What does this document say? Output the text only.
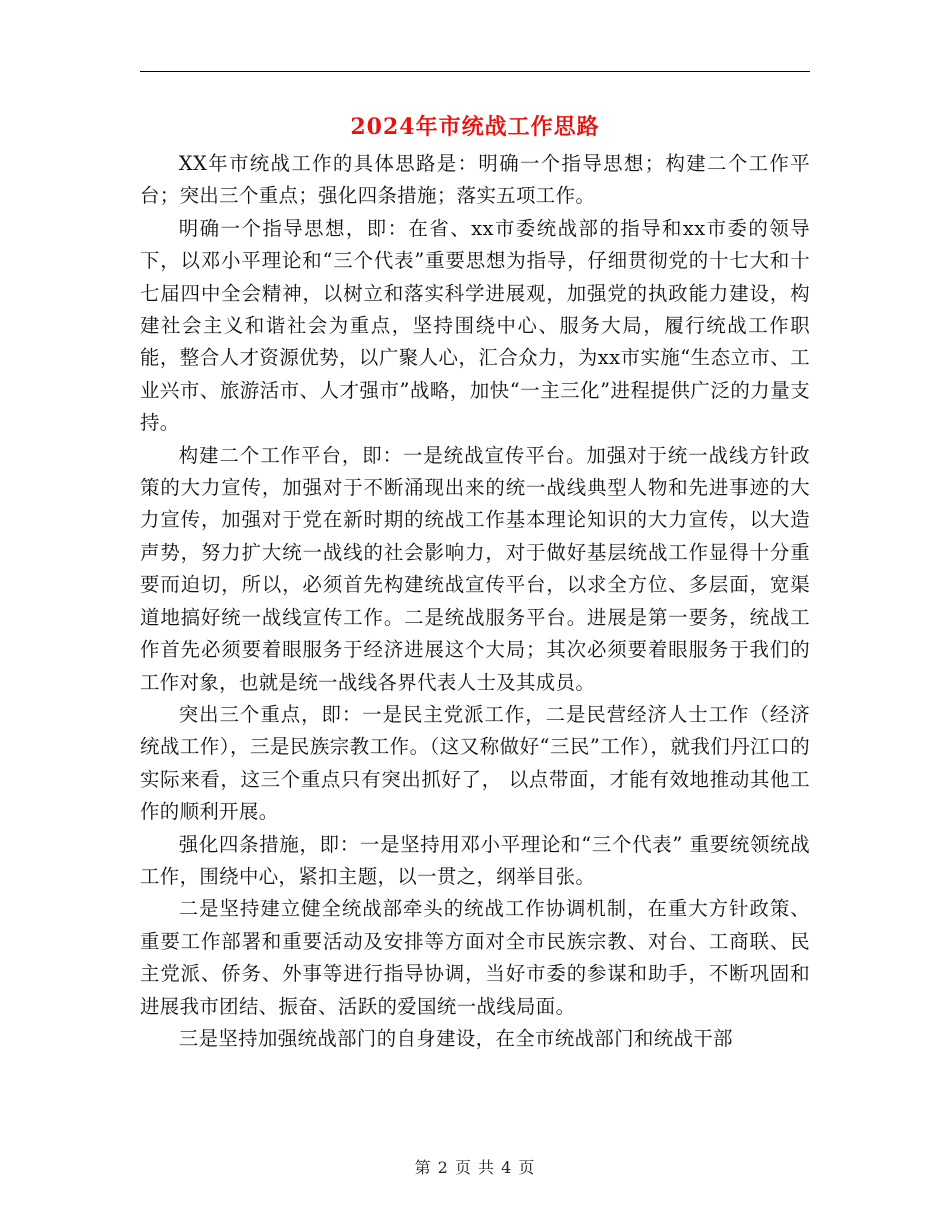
2024年市统战工作思路

XX年市统战工作的具体思路是：明确一个指导思想；构建二个工作平台；突出三个重点；强化四条措施；落实五项工作。

明确一个指导思想，即：在省、xx市委统战部的指导和xx市委的领导下，以邓小平理论和“三个代表”重要思想为指导，仔细贯彻党的十七大和十七届四中全会精神，以树立和落实科学进展观，加强党的执政能力建设，构建社会主义和谐社会为重点，坚持围绕中心、服务大局，履行统战工作职能，整合人才资源优势，以广聚人心，汇合众力，为xx市实施“生态立市、工业兴市、旅游活市、人才强市”战略，加快“一主三化”进程提供广泛的力量支持。

构建二个工作平台，即：一是统战宣传平台。加强对于统一战线方针政策的大力宣传，加强对于不断涌现出来的统一战线典型人物和先进事迹的大力宣传，加强对于党在新时期的统战工作基本理论知识的大力宣传，以大造声势，努力扩大统一战线的社会影响力，对于做好基层统战工作显得十分重要而迫切，所以，必须首先构建统战宣传平台，以求全方位、多层面，宽渠道地搞好统一战线宣传工作。二是统战服务平台。进展是第一要务，统战工作首先必须要着眼服务于经济进展这个大局；其次必须要着眼服务于我们的工作对象，也就是统一战线各界代表人士及其成员。

突出三个重点，即：一是民主党派工作，二是民营经济人士工作（经济统战工作），三是民族宗教工作。（这又称做好“三民”工作），就我们丹江口的实际来看，这三个重点只有突出抓好了， 以点带面，才能有效地推动其他工作的顺利开展。

强化四条措施，即：一是坚持用邓小平理论和“三个代表” 重要统领统战工作，围绕中心，紧扣主题，以一贯之，纲举目张。

二是坚持建立健全统战部牵头的统战工作协调机制，在重大方针政策、重要工作部署和重要活动及安排等方面对全市民族宗教、对台、工商联、民主党派、侨务、外事等进行指导协调，当好市委的参谋和助手，不断巩固和进展我市团结、振奋、活跃的爱国统一战线局面。

三是坚持加强统战部门的自身建设，在全市统战部门和统战干部

第 2 页 共 4 页
